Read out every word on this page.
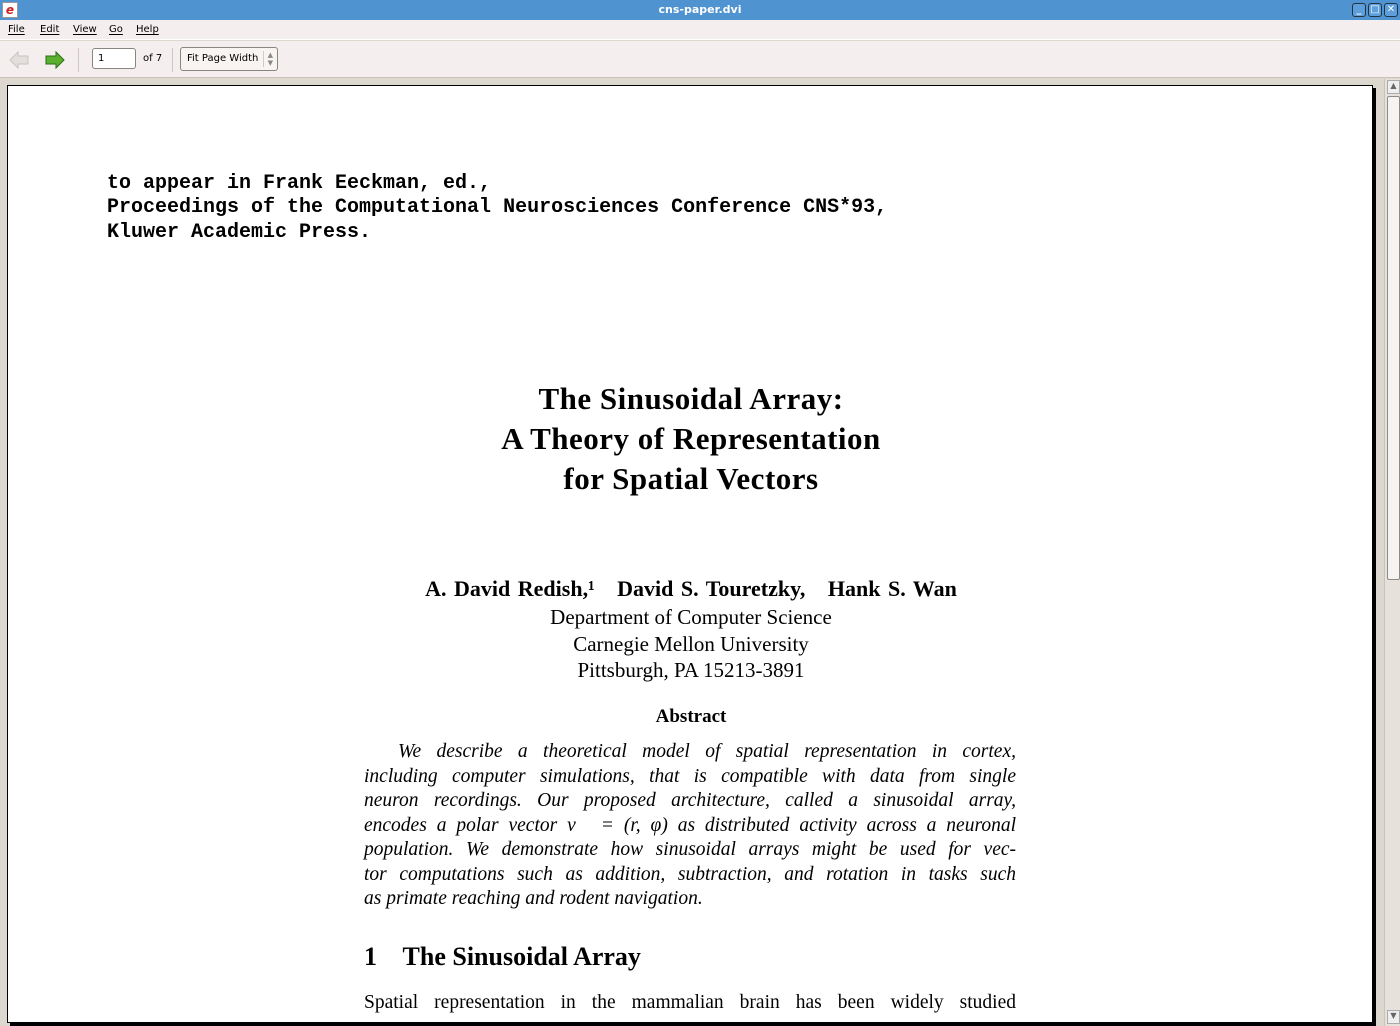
e	cns-paper.dvi	_ □ ✕
File Edit View Go Help
1
of 7	Fit Page Width	▲
▼
to appear in Frank Eeckman, ed.,
Proceedings of the Computational Neurosciences Conference CNS*93,
Kluwer Academic Press.
The Sinusoidal Array:
A Theory of Representation
for Spatial Vectors
A. David Redish,¹   David S. Touretzky,   Hank S. Wan
Department of Computer Science
Carnegie Mellon University
Pittsburgh, PA 15213-3891
Abstract
We describe a theoretical model of spatial representation in cortex,
including computer simulations, that is compatible with data from single
neuron recordings. Our proposed architecture, called a sinusoidal array,
encodes a polar vector v⃗ = (r, φ) as distributed activity across a neuronal
population. We demonstrate how sinusoidal arrays might be used for vec-
tor computations such as addition, subtraction, and rotation in tasks such
as primate reaching and rodent navigation.
1    The Sinusoidal Array
Spatial representation in the mammalian brain has been widely studied
▲
▼
